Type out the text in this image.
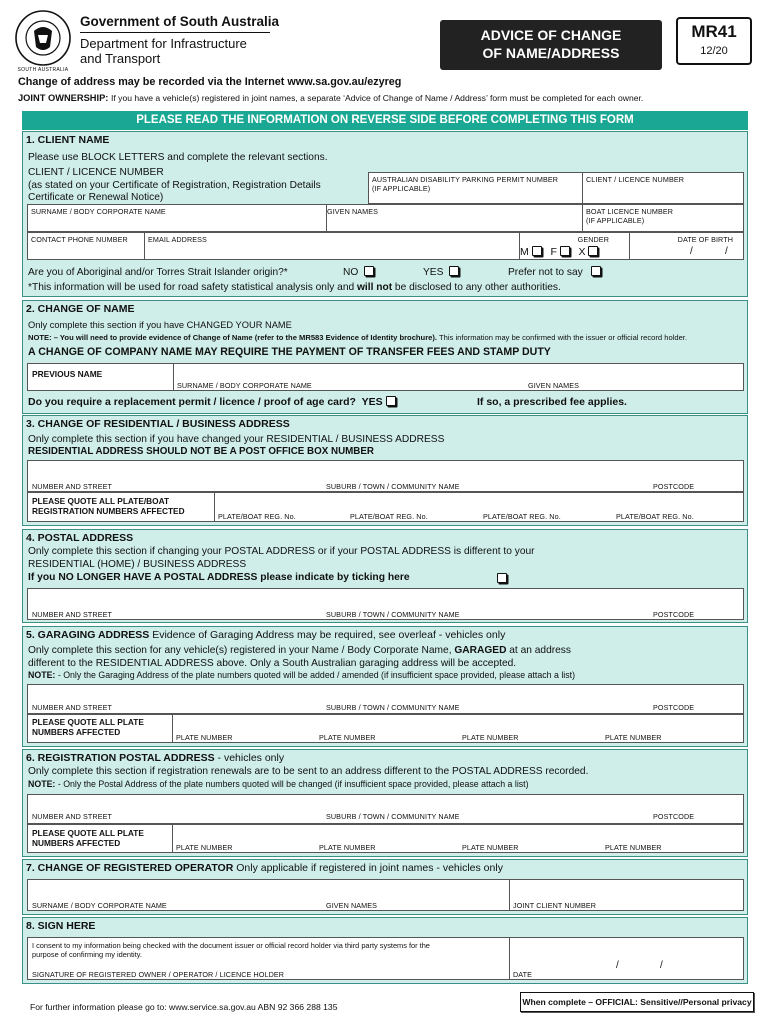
SOUTH AUSTRALIA
Government of South Australia
Department for Infrastructure
and Transport
ADVICE OF CHANGE
OF NAME/ADDRESS
MR41
12/20
Change of address may be recorded via the Internet www.sa.gov.au/ezyreg
JOINT OWNERSHIP: If you have a vehicle(s) registered in joint names, a separate ‘Advice of Change of Name / Address’ form must be completed for each owner.
PLEASE READ THE INFORMATION ON REVERSE SIDE BEFORE COMPLETING THIS FORM
1. CLIENT NAME
Please use BLOCK LETTERS and complete the relevant sections.
CLIENT / LICENCE NUMBER
(as stated on your Certificate of Registration, Registration Details
Certificate or Renewal Notice)
AUSTRALIAN DISABILITY PARKING PERMIT NUMBER
(IF APPLICABLE)
CLIENT / LICENCE NUMBER
SURNAME / BODY CORPORATE NAME	GIVEN NAMES	BOAT LICENCE NUMBER
(IF APPLICABLE)
CONTACT PHONE NUMBER	EMAIL ADDRESS	GENDER
M F X
DATE OF BIRTH
/	/
Are you of Aboriginal and/or Torres Strait Islander origin?*	NO	YES	Prefer not to say
*This information will be used for road safety statistical analysis only and will not be disclosed to any other authorities.
2. CHANGE OF NAME
Only complete this section if you have CHANGED YOUR NAME
NOTE: – You will need to provide evidence of Change of Name (refer to the MR583 Evidence of Identity brochure). This information may be confirmed with the issuer or official record holder.
A CHANGE OF COMPANY NAME MAY REQUIRE THE PAYMENT OF TRANSFER FEES AND STAMP DUTY
PREVIOUS NAME
SURNAME / BODY CORPORATE NAME	GIVEN NAMES
Do you require a replacement permit / licence / proof of age card? YES	If so, a prescribed fee applies.
3. CHANGE OF RESIDENTIAL / BUSINESS ADDRESS
Only complete this section if you have changed your RESIDENTIAL / BUSINESS ADDRESS
RESIDENTIAL ADDRESS SHOULD NOT BE A POST OFFICE BOX NUMBER
NUMBER AND STREET	SUBURB / TOWN / COMMUNITY NAME	POSTCODE
PLEASE QUOTE ALL PLATE/BOAT
REGISTRATION NUMBERS AFFECTED
PLATE/BOAT REG. No.	PLATE/BOAT REG. No.	PLATE/BOAT REG. No.	PLATE/BOAT REG. No.
4. POSTAL ADDRESS
Only complete this section if changing your POSTAL ADDRESS or if your POSTAL ADDRESS is different to your
RESIDENTIAL (HOME) / BUSINESS ADDRESS
If you NO LONGER HAVE A POSTAL ADDRESS please indicate by ticking here
NUMBER AND STREET	SUBURB / TOWN / COMMUNITY NAME	POSTCODE
5. GARAGING ADDRESS Evidence of Garaging Address may be required, see overleaf - vehicles only
Only complete this section for any vehicle(s) registered in your Name / Body Corporate Name, GARAGED at an address
different to the RESIDENTIAL ADDRESS above. Only a South Australian garaging address will be accepted.
NOTE: - Only the Garaging Address of the plate numbers quoted will be added / amended (if insufficient space provided, please attach a list)
NUMBER AND STREET	SUBURB / TOWN / COMMUNITY NAME	POSTCODE
PLEASE QUOTE ALL PLATE
NUMBERS AFFECTED
PLATE NUMBER	PLATE NUMBER	PLATE NUMBER	PLATE NUMBER
6. REGISTRATION POSTAL ADDRESS - vehicles only
Only complete this section if registration renewals are to be sent to an address different to the POSTAL ADDRESS recorded.
NOTE: - Only the Postal Address of the plate numbers quoted will be changed (if insufficient space provided, please attach a list)
NUMBER AND STREET	SUBURB / TOWN / COMMUNITY NAME	POSTCODE
PLEASE QUOTE ALL PLATE
NUMBERS AFFECTED	PLATE NUMBER	PLATE NUMBER	PLATE NUMBER	PLATE NUMBER
7. CHANGE OF REGISTERED OPERATOR Only applicable if registered in joint names - vehicles only
SURNAME / BODY CORPORATE NAME	GIVEN NAMES	JOINT CLIENT NUMBER
8. SIGN HERE
I consent to my information being checked with the document issuer or official record holder via third party systems for the
purpose of confirming my identity.
SIGNATURE OF REGISTERED OWNER / OPERATOR / LICENCE HOLDER	DATE
/	/
For further information please go to: www.service.sa.gov.au ABN 92 366 288 135	When complete – OFFICIAL: Sensitive//Personal privacy
